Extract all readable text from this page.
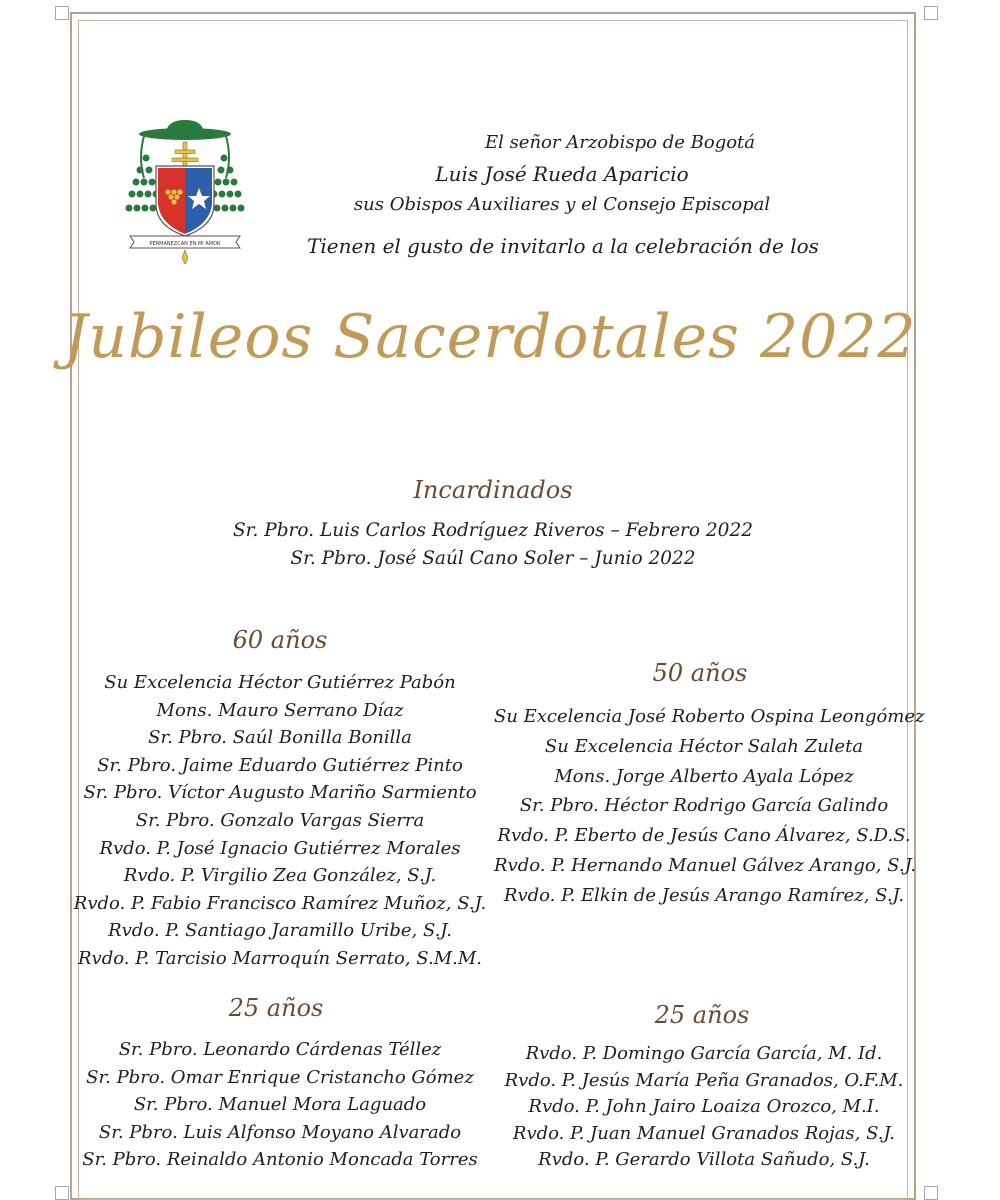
PERMANEZCAN EN MI AMOR
El señor Arzobispo de Bogotá
Luis José Rueda Aparicio
sus Obispos Auxiliares y el Consejo Episcopal
Tienen el gusto de invitarlo a la celebración de los
Jubileos Sacerdotales 2022
Incardinados
Sr. Pbro. Luis Carlos Rodríguez Riveros – Febrero 2022
Sr. Pbro. José Saúl Cano Soler – Junio 2022
60 años
Su Excelencia Héctor Gutiérrez Pabón
Mons. Mauro Serrano Díaz
Sr. Pbro. Saúl Bonilla Bonilla
Sr. Pbro. Jaime Eduardo Gutiérrez Pinto
Sr. Pbro. Víctor Augusto Mariño Sarmiento
Sr. Pbro. Gonzalo Vargas Sierra
Rvdo. P. José Ignacio Gutiérrez Morales
Rvdo. P. Virgilio Zea González, S.J.
Rvdo. P. Fabio Francisco Ramírez Muñoz, S.J.
Rvdo. P. Santiago Jaramillo Uribe, S.J.
Rvdo. P. Tarcisio Marroquín Serrato, S.M.M.
50 años
Su Excelencia José Roberto Ospina Leongómez
Su Excelencia Héctor Salah Zuleta
Mons. Jorge Alberto Ayala López
Sr. Pbro. Héctor Rodrigo García Galindo
Rvdo. P. Eberto de Jesús Cano Álvarez, S.D.S.
Rvdo. P. Hernando Manuel Gálvez Arango, S.J.
Rvdo. P. Elkin de Jesús Arango Ramírez, S.J.
25 años
Sr. Pbro. Leonardo Cárdenas Téllez
Sr. Pbro. Omar Enrique Cristancho Gómez
Sr. Pbro. Manuel Mora Laguado
Sr. Pbro. Luis Alfonso Moyano Alvarado
Sr. Pbro. Reinaldo Antonio Moncada Torres
25 años
Rvdo. P. Domingo García García, M. Id.
Rvdo. P. Jesús María Peña Granados, O.F.M.
Rvdo. P. John Jairo Loaiza Orozco, M.I.
Rvdo. P. Juan Manuel Granados Rojas, S.J.
Rvdo. P. Gerardo Villota Sañudo, S.J.
